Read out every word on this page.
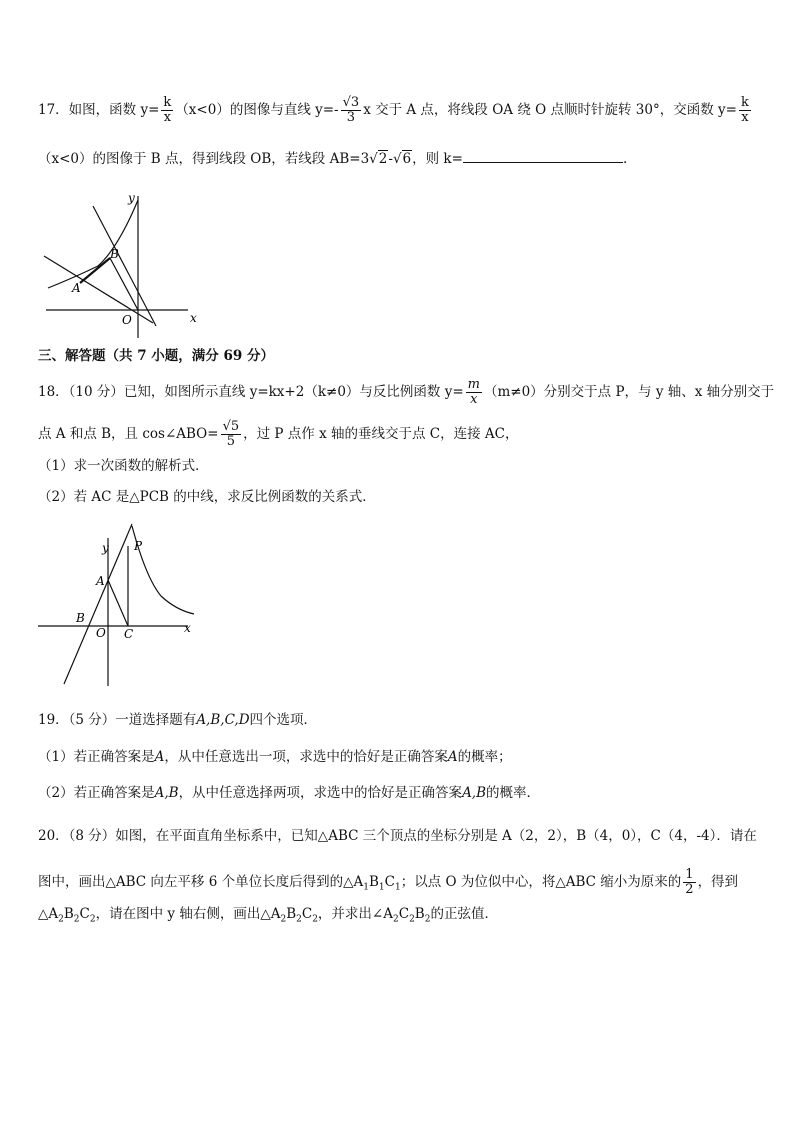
17．如图，函数 $y= \frac{k}{x} (x<0)$的图像与直线 $y=- \frac{√3}{3}$ x 交于 A 点，将线段 OA 绕 O 点顺时针旋转 30°，交函数 $y= \frac{k}{x}$
（x<0）的图像于 B 点，得到线段 OB，若线段 AB=3√2-√6，则 k=	.
y
x
O
A
B
三、解答题（共 7 小题，满分 69 分）
18．（10 分）已知，如图所示直线 y=kx+2（k≠0）与反比例函数 $y= \frac{m}{x} (m\ne 0)$分别交于点 P，与 y 轴、x 轴分别交于
点 A 和点 B，且 cos∠ABO= $\frac{√5}{5}$ ，过 P 点作 x 轴的垂线交于点 C，连接 AC，
（1）求一次函数的解析式．
（2）若 AC 是△PCB 的中线，求反比例函数的关系式．
y
x
O
A
B
C
P
19．（5 分）一道选择题有A,B,C,D四个选项．
（1）若正确答案是A，从中任意选出一项，求选中的恰好是正确答案A的概率；
（2）若正确答案是A,B，从中任意选择两项，求选中的恰好是正确答案A,B的概率．
20．（8 分）如图，在平面直角坐标系中，已知△ABC 三个顶点的坐标分别是 A（2，2），B（4，0），C（4，-4）．请在
图中，画出△ABC 向左平移 6 个单位长度后得到的$\triangle A_1B_1C_1$；以点 O 为位似中心，将△ABC 缩小为原来的 $\frac{1}{2}$ ，得到
$\triangle A_2B_2C_2$，请在图中 y 轴右侧，画出$\triangle A_2B_2C_2$，并求出$\angle A_2C_2B_2$的正弦值．
